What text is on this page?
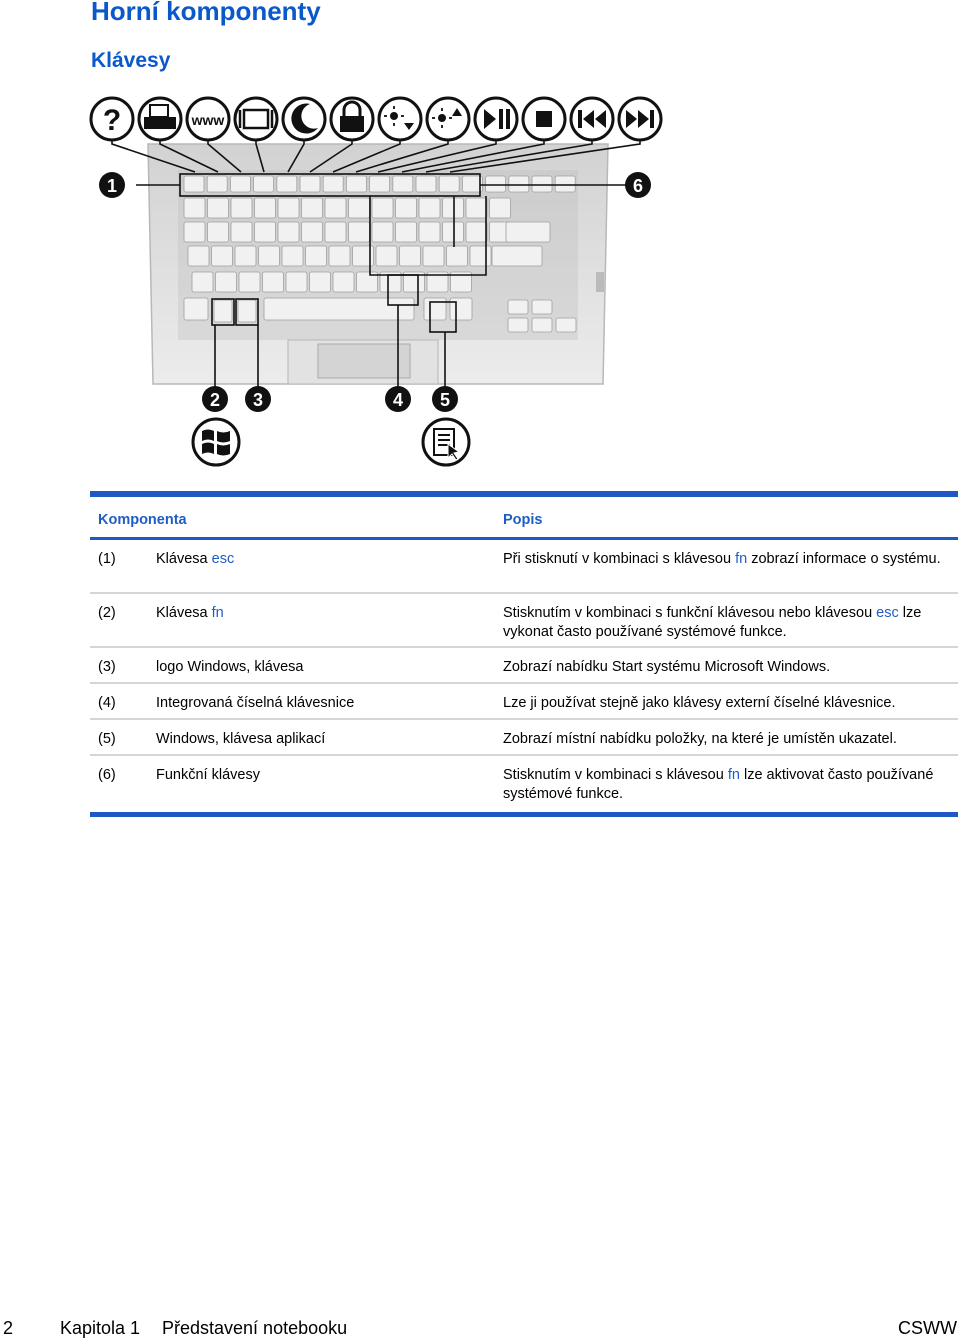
Horní komponenty
Klávesy
?	www
1	6
2 3	4 5
Komponenta	Popis
(1)	Klávesa esc	Při stisknutí v kombinaci s klávesou fn zobrazí informace o systému.
(2)	Klávesa fn	Stisknutím v kombinaci s funkční klávesou nebo klávesou esc lze vykonat často používané systémové funkce.
(3)	logo Windows, klávesa	Zobrazí nabídku Start systému Microsoft Windows.
(4)	Integrovaná číselná klávesnice	Lze ji používat stejně jako klávesy externí číselné klávesnice.
(5)	Windows, klávesa aplikací	Zobrazí místní nabídku položky, na které je umístěn ukazatel.
(6)	Funkční klávesy	Stisknutím v kombinaci s klávesou fn lze aktivovat často používané systémové funkce.
2	Kapitola 1 Představení notebooku	CSWW
